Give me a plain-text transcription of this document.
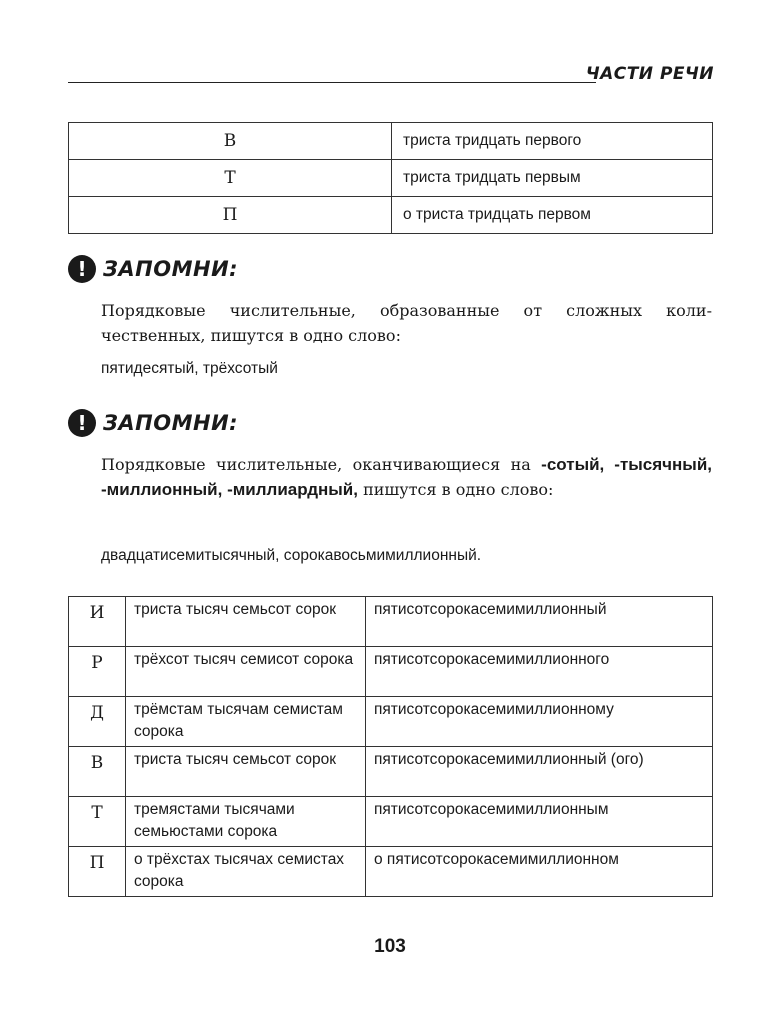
ЧАСТИ РЕЧИ
В	триста тридцать первого
Т	триста тридцать первым
П	о триста тридцать первом
! ЗАПОМНИ:
Порядковые числительные, образованные от сложных количественных, пишутся в одно слово:
пятидесятый, трёхсотый
! ЗАПОМНИ:
Порядковые числительные, оканчивающиеся на -сотый, -тысячный, -миллионный, -миллиардный, пишутся в одно слово:
двадцатисемитысячный, сорокавосьмимиллионный.
И	триста тысяч семьсот сорок	пятисотсорокасемимиллионный
Р	трёхсот тысяч семисот сорока	пятисотсорокасемимиллионного
Д	трёмстам тысячам семистам сорока	пятисотсорокасемимиллионному
В	триста тысяч семьсот сорок	пятисотсорокасемимиллионный (ого)
Т	тремястами тысячами семьюстами сорока	пятисотсорокасемимиллионным
П	о трёхстах тысячах семистах сорока	о пятисотсорокасемимиллионном
103
